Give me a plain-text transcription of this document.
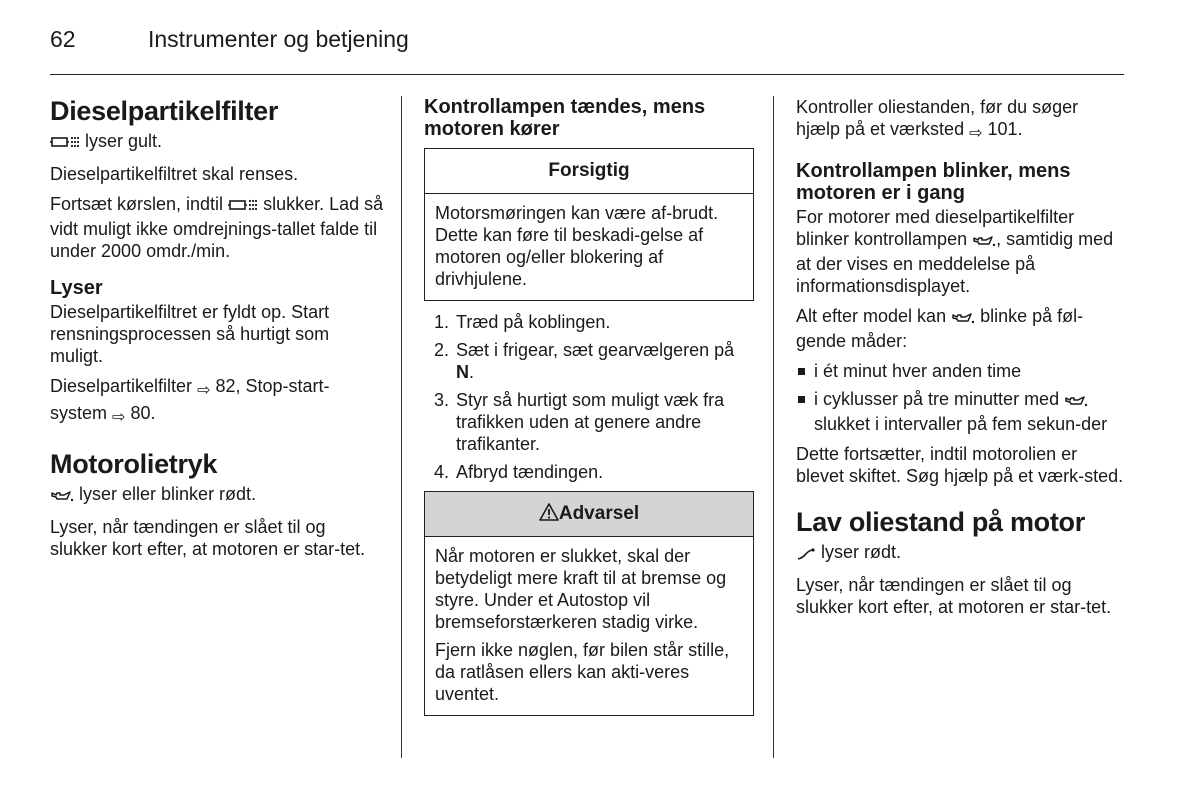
62	Instrumenter og betjening
Dieselpartikelfilter

lyser gult.

Dieselpartikelfiltret skal renses.

Fortsæt kørslen, indtil slukker. Lad så vidt muligt ikke omdrejnings-tallet falde til under 2000 omdr./min.

Lyser

Dieselpartikelfiltret er fyldt op. Start rensningsprocessen så hurtigt som muligt.

Dieselpartikelfilter ⇨ 82, Stop-start-system ⇨ 80.

Motorolietryk

lyser eller blinker rødt.

Lyser, når tændingen er slået til og slukker kort efter, at motoren er star-tet.

Kontrollampen tændes, mens motoren kører
Forsigtig

Motorsmøringen kan være af-brudt. Dette kan føre til beskadi-gelse af motoren og/eller blokering af drivhjulene.

1. Træd på koblingen.
2. Sæt i frigear, sæt gearvælgeren på N.
3. Styr så hurtigt som muligt væk fra trafikken uden at genere andre trafikanter.
4. Afbryd tændingen.
Advarsel

Når motoren er slukket, skal der betydeligt mere kraft til at bremse og styre. Under et Autostop vil bremseforstærkeren stadig virke.

Fjern ikke nøglen, før bilen står stille, da ratlåsen ellers kan akti-veres uventet.

Kontroller oliestanden, før du søger hjælp på et værksted ⇨ 101.

Kontrollampen blinker, mens motoren er i gang

For motorer med dieselpartikelfilter blinker kontrollampen , samtidig med at der vises en meddelelse på informationsdisplayet.

Alt efter model kan blinke på føl-gende måder:

i ét minut hver anden time
i cyklusser på tre minutter med  slukket i intervaller på fem sekun-der

Dette fortsætter, indtil motorolien er blevet skiftet. Søg hjælp på et værk-sted.

Lav oliestand på motor

lyser rødt.

Lyser, når tændingen er slået til og slukker kort efter, at motoren er star-tet.
